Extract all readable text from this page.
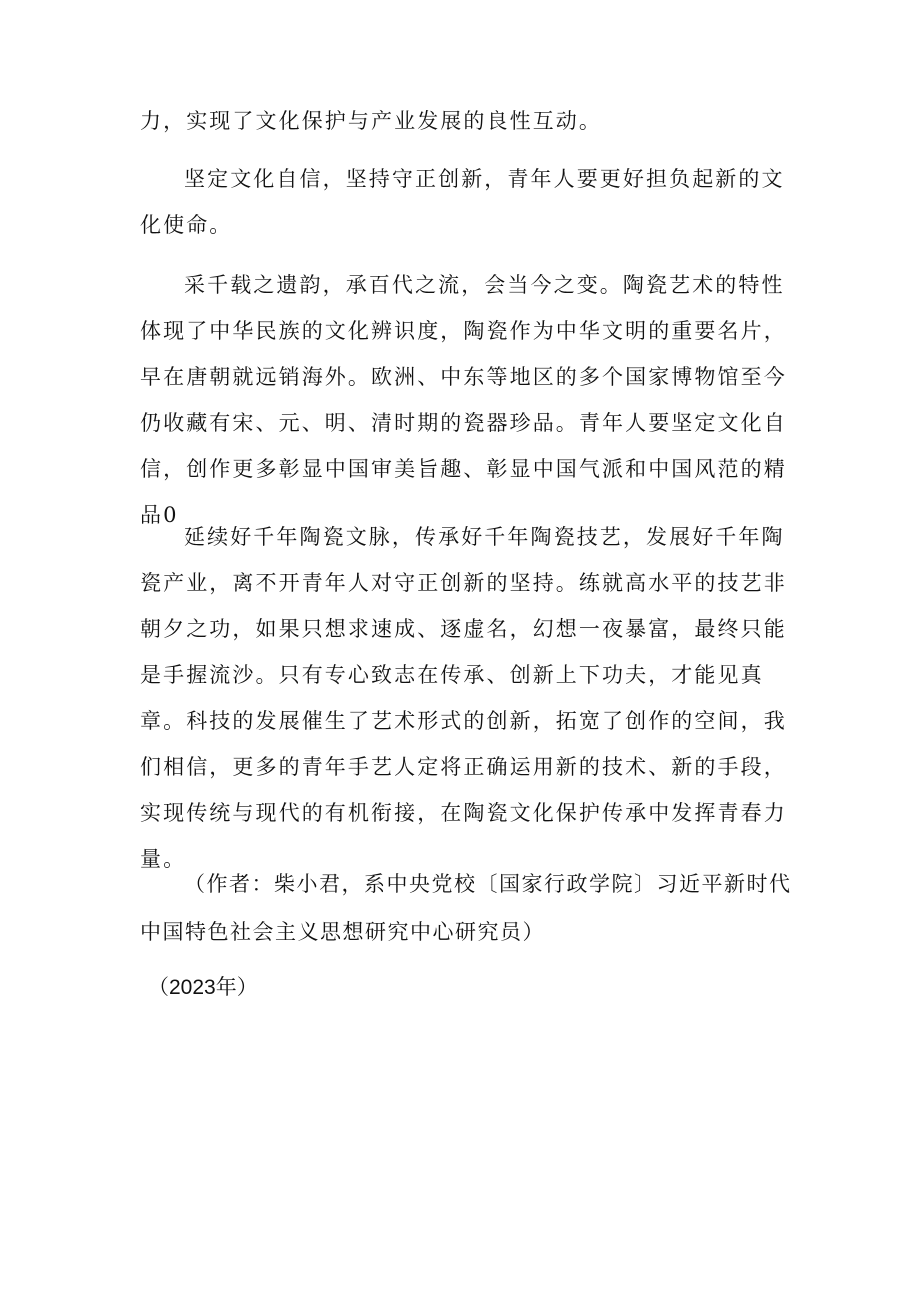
力，实现了文化保护与产业发展的良性互动。
坚定文化自信，坚持守正创新，青年人要更好担负起新的文化使命。
采千载之遗韵，承百代之流，会当今之变。陶瓷艺术的特性体现了中华民族的文化辨识度，陶瓷作为中华文明的重要名片，早在唐朝就远销海外。欧洲、中东等地区的多个国家博物馆至今仍收藏有宋、元、明、清时期的瓷器珍品。青年人要坚定文化自信，创作更多彰显中国审美旨趣、彰显中国气派和中国风范的精品0
延续好千年陶瓷文脉，传承好千年陶瓷技艺，发展好千年陶瓷产业，离不开青年人对守正创新的坚持。练就高水平的技艺非朝夕之功，如果只想求速成、逐虚名，幻想一夜暴富，最终只能是手握流沙。只有专心致志在传承、创新上下功夫，才能见真章。科技的发展催生了艺术形式的创新，拓宽了创作的空间，我们相信，更多的青年手艺人定将正确运用新的技术、新的手段，实现传统与现代的有机衔接，在陶瓷文化保护传承中发挥青春力量。
（作者：柴小君，系中央党校〔国家行政学院〕习近平新时代中国特色社会主义思想研究中心研究员）
（2023年）
